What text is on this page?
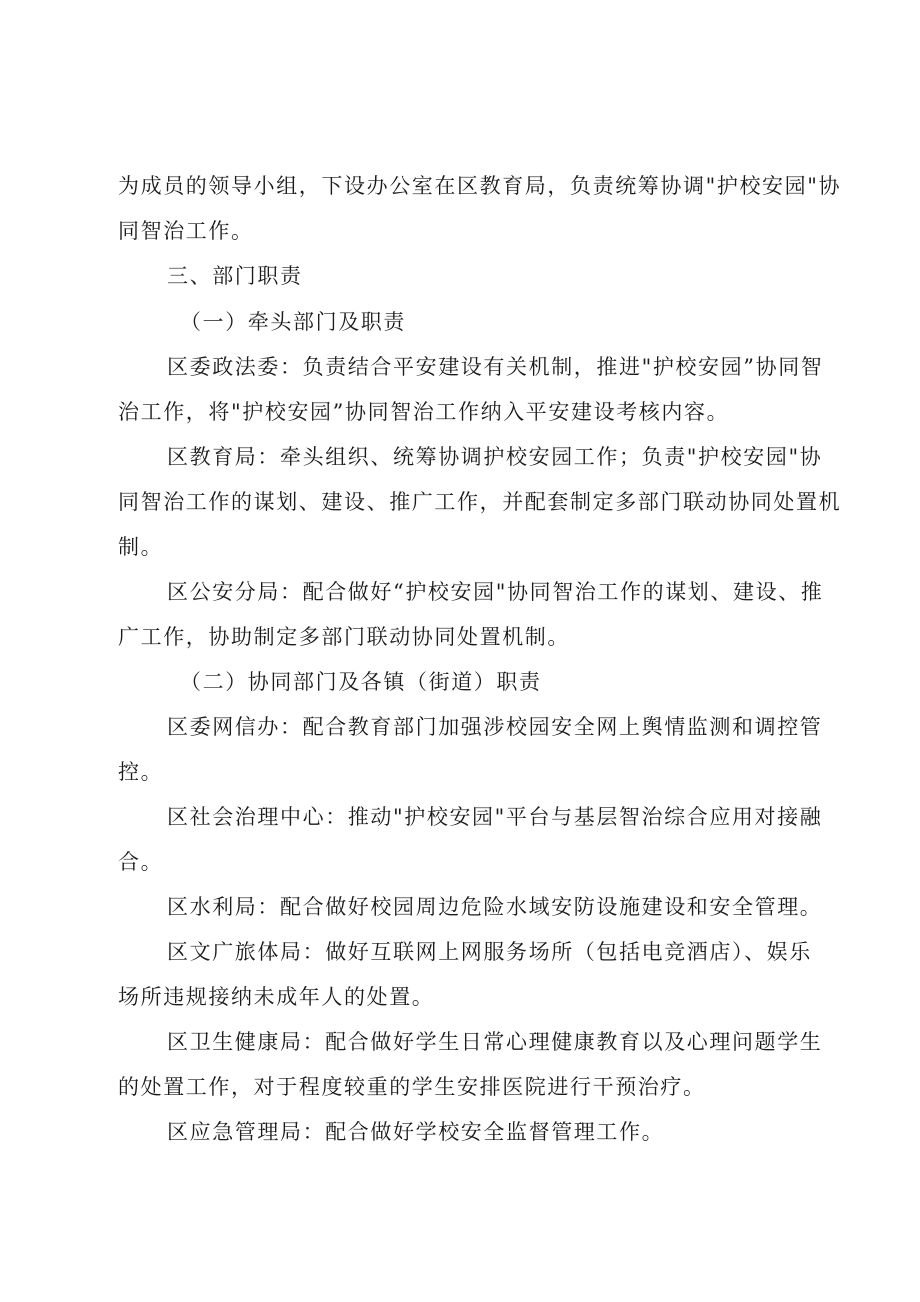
为成员的领导小组，下设办公室在区教育局，负责统筹协调"护校安园"协
同智治工作。
三、部门职责
（一）牵头部门及职责
区委政法委：负责结合平安建设有关机制，推进"护校安园”协同智
治工作，将"护校安园”协同智治工作纳入平安建设考核内容。
区教育局：牵头组织、统筹协调护校安园工作；负责"护校安园"协
同智治工作的谋划、建设、推广工作，并配套制定多部门联动协同处置机
制。
区公安分局：配合做好“护校安园"协同智治工作的谋划、建设、推
广工作，协助制定多部门联动协同处置机制。
（二）协同部门及各镇（街道）职责
区委网信办：配合教育部门加强涉校园安全网上舆情监测和调控管
控。
区社会治理中心：推动"护校安园"平台与基层智治综合应用对接融
合。
区水利局：配合做好校园周边危险水域安防设施建设和安全管理。
区文广旅体局：做好互联网上网服务场所（包括电竞酒店）、娱乐
场所违规接纳未成年人的处置。
区卫生健康局：配合做好学生日常心理健康教育以及心理问题学生
的处置工作，对于程度较重的学生安排医院进行干预治疗。
区应急管理局：配合做好学校安全监督管理工作。
